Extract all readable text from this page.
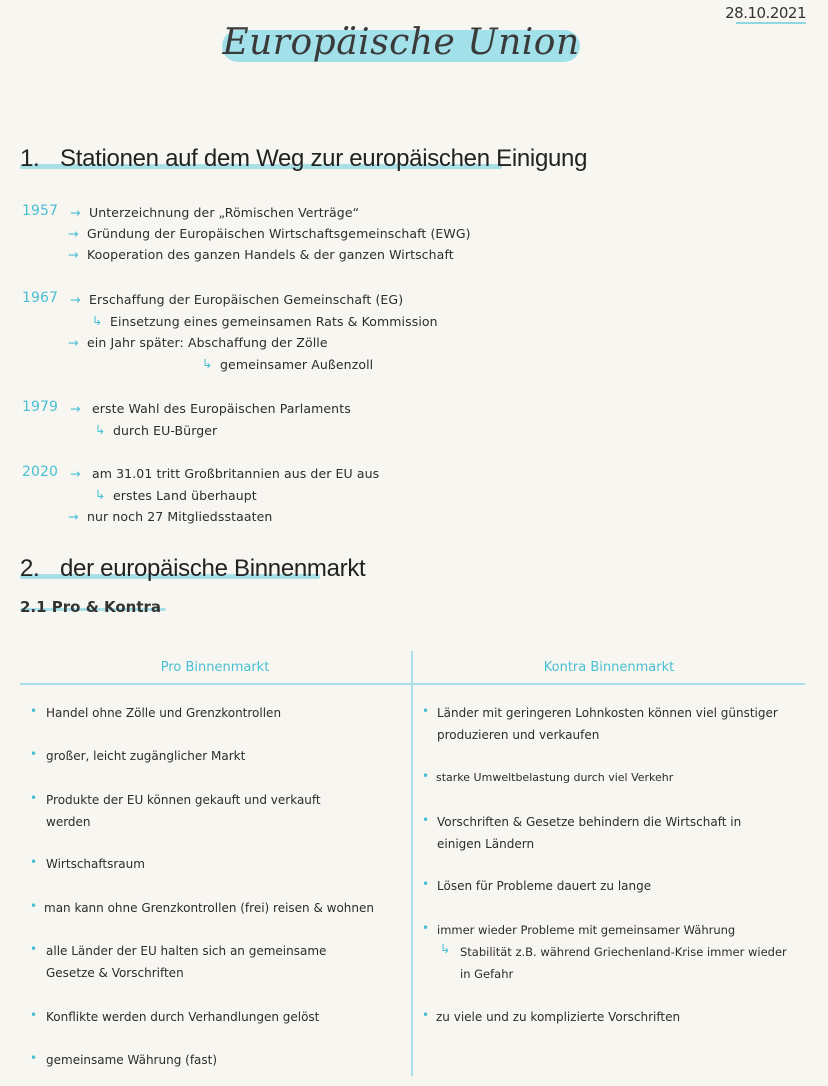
28.10.2021
Europäische Union
1. Stationen auf dem Weg zur europäischen Einigung
1957 → Unterzeichnung der „Römischen Verträge“
→ Gründung der Europäischen Wirtschaftsgemeinschaft (EWG)
→ Kooperation des ganzen Handels & der ganzen Wirtschaft
1967 → Erschaffung der Europäischen Gemeinschaft (EG)
↳ Einsetzung eines gemeinsamen Rats & Kommission
→ ein Jahr später: Abschaffung der Zölle
↳ gemeinsamer Außenzoll
1979 → erste Wahl des Europäischen Parlaments
↳ durch EU-Bürger
2020 → am 31.01 tritt Großbritannien aus der EU aus
↳ erstes Land überhaupt
→ nur noch 27 Mitgliedsstaaten
2. der europäische Binnenmarkt
2.1 Pro & Kontra
Pro Binnenmarkt	Kontra Binnenmarkt
• Handel ohne Zölle und Grenzkontrollen
• großer, leicht zugänglicher Markt
• Produkte der EU können gekauft und verkauft
werden
• Wirtschaftsraum
• man kann ohne Grenzkontrollen (frei) reisen & wohnen
• alle Länder der EU halten sich an gemeinsame
Gesetze & Vorschriften
• Konflikte werden durch Verhandlungen gelöst
• gemeinsame Währung (fast)
• Länder mit geringeren Lohnkosten können viel günstiger
produzieren und verkaufen
• starke Umweltbelastung durch viel Verkehr
• Vorschriften & Gesetze behindern die Wirtschaft in
einigen Ländern
• Lösen für Probleme dauert zu lange
• immer wieder Probleme mit gemeinsamer Währung
↳ Stabilität z.B. während Griechenland-Krise immer wieder
in Gefahr
• zu viele und zu komplizierte Vorschriften
